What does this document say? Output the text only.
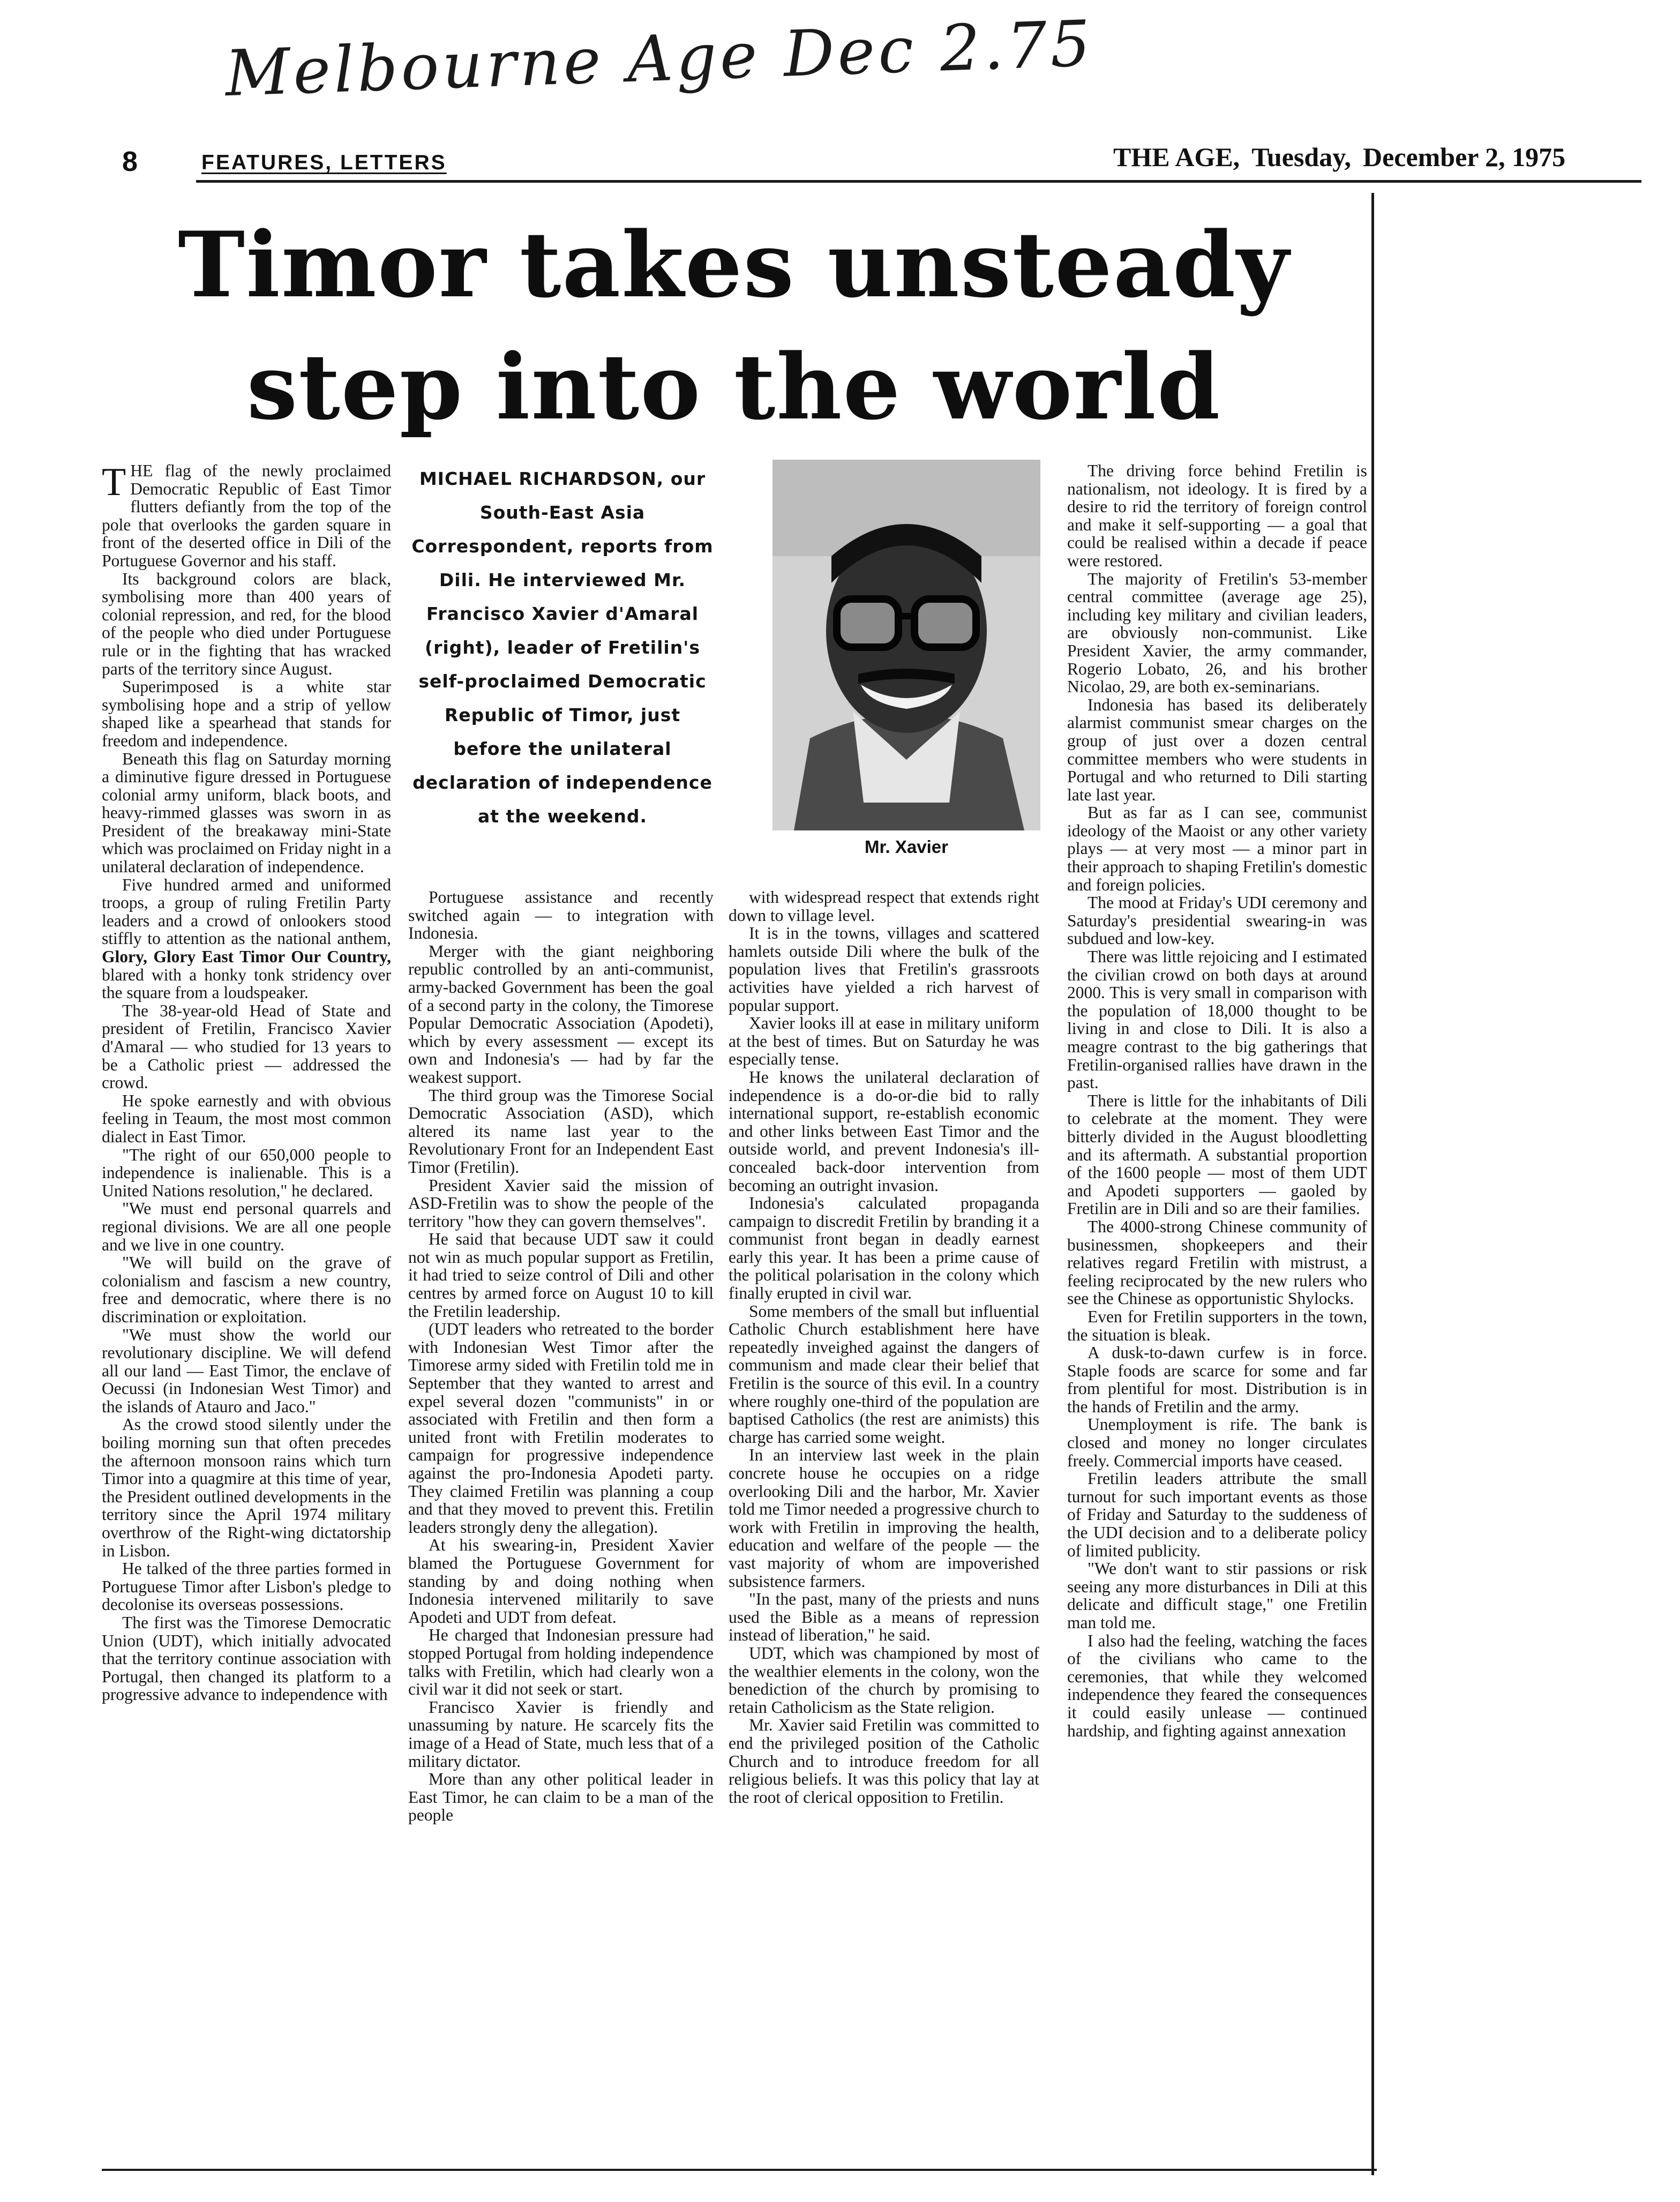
Melbourne Age Dec 2.75
8	FEATURES, LETTERS	THE AGE, Tuesday, December 2, 1975
Timor takes unsteady
step into the world

THE flag of the newly proclaimed Democratic Republic of East Timor flutters defiantly from the top of the pole that overlooks the garden square in front of the deserted office in Dili of the Portuguese Governor and his staff.

Its background colors are black, symbolising more than 400 years of colonial repression, and red, for the blood of the people who died under Portuguese rule or in the fighting that has wracked parts of the territory since August.

Superimposed is a white star symbolising hope and a strip of yellow shaped like a spearhead that stands for freedom and independence.

Beneath this flag on Saturday morning a diminutive figure dressed in Portuguese colonial army uniform, black boots, and heavy-rimmed glasses was sworn in as President of the breakaway mini-State which was proclaimed on Friday night in a unilateral declaration of independence.

Five hundred armed and uniformed troops, a group of ruling Fretilin Party leaders and a crowd of onlookers stood stiffly to attention as the national anthem, Glory, Glory East Timor Our Country, blared with a honky tonk stridency over the square from a loudspeaker.

The 38-year-old Head of State and president of Fretilin, Francisco Xavier d'Amaral — who studied for 13 years to be a Catholic priest — addressed the crowd.

He spoke earnestly and with obvious feeling in Teaum, the most most common dialect in East Timor.

"The right of our 650,000 people to independence is inalienable. This is a United Nations resolution," he declared.

"We must end personal quarrels and regional divisions. We are all one people and we live in one country.

"We will build on the grave of colonialism and fascism a new country, free and democratic, where there is no discrimination or exploitation.

"We must show the world our revolutionary discipline. We will defend all our land — East Timor, the enclave of Oecussi (in Indonesian West Timor) and the islands of Atauro and Jaco."

As the crowd stood silently under the boiling morning sun that often precedes the afternoon monsoon rains which turn Timor into a quagmire at this time of year, the President outlined developments in the territory since the April 1974 military overthrow of the Right-wing dictatorship in Lisbon.

He talked of the three parties formed in Portuguese Timor after Lisbon's pledge to decolonise its overseas possessions.

The first was the Timorese Democratic Union (UDT), which initially advocated that the territory continue association with Portugal, then changed its platform to a progressive advance to independence with

MICHAEL RICHARDSON, our South-East Asia Correspondent, reports from Dili. He interviewed Mr. Francisco Xavier d'Amaral (right), leader of Fretilin's self-proclaimed Democratic Republic of Timor, just before the unilateral declaration of independence at the weekend.
Mr. Xavier

Portuguese assistance and recently switched again — to integration with Indonesia.

Merger with the giant neighboring republic controlled by an anti-communist, army-backed Government has been the goal of a second party in the colony, the Timorese Popular Democratic Association (Apodeti), which by every assessment — except its own and Indonesia's — had by far the weakest support.

The third group was the Timorese Social Democratic Association (ASD), which altered its name last year to the Revolutionary Front for an Independent East Timor (Fretilin).

President Xavier said the mission of ASD-Fretilin was to show the people of the territory "how they can govern themselves".

He said that because UDT saw it could not win as much popular support as Fretilin, it had tried to seize control of Dili and other centres by armed force on August 10 to kill the Fretilin leadership.

(UDT leaders who retreated to the border with Indonesian West Timor after the Timorese army sided with Fretilin told me in September that they wanted to arrest and expel several dozen "communists" in or associated with Fretilin and then form a united front with Fretilin moderates to campaign for progressive independence against the pro-Indonesia Apodeti party. They claimed Fretilin was planning a coup and that they moved to prevent this. Fretilin leaders strongly deny the allegation).

At his swearing-in, President Xavier blamed the Portuguese Government for standing by and doing nothing when Indonesia intervened militarily to save Apodeti and UDT from defeat.

He charged that Indonesian pressure had stopped Portugal from holding independence talks with Fretilin, which had clearly won a civil war it did not seek or start.

Francisco Xavier is friendly and unassuming by nature. He scarcely fits the image of a Head of State, much less that of a military dictator.

More than any other political leader in East Timor, he can claim to be a man of the people

with widespread respect that extends right down to village level.

It is in the towns, villages and scattered hamlets outside Dili where the bulk of the population lives that Fretilin's grassroots activities have yielded a rich harvest of popular support.

Xavier looks ill at ease in military uniform at the best of times. But on Saturday he was especially tense.

He knows the unilateral declaration of independence is a do-or-die bid to rally international support, re-establish economic and other links between East Timor and the outside world, and prevent Indonesia's ill-concealed back-door intervention from becoming an outright invasion.

Indonesia's calculated propaganda campaign to discredit Fretilin by branding it a communist front began in deadly earnest early this year. It has been a prime cause of the political polarisation in the colony which finally erupted in civil war.

Some members of the small but influential Catholic Church establishment here have repeatedly inveighed against the dangers of communism and made clear their belief that Fretilin is the source of this evil. In a country where roughly one-third of the population are baptised Catholics (the rest are animists) this charge has carried some weight.

In an interview last week in the plain concrete house he occupies on a ridge overlooking Dili and the harbor, Mr. Xavier told me Timor needed a progressive church to work with Fretilin in improving the health, education and welfare of the people — the vast majority of whom are impoverished subsistence farmers.

"In the past, many of the priests and nuns used the Bible as a means of repression instead of liberation," he said.

UDT, which was championed by most of the wealthier elements in the colony, won the benediction of the church by promising to retain Catholicism as the State religion.

Mr. Xavier said Fretilin was committed to end the privileged position of the Catholic Church and to introduce freedom for all religious beliefs. It was this policy that lay at the root of clerical opposition to Fretilin.

The driving force behind Fretilin is nationalism, not ideology. It is fired by a desire to rid the territory of foreign control and make it self-supporting — a goal that could be realised within a decade if peace were restored.

The majority of Fretilin's 53-member central committee (average age 25), including key military and civilian leaders, are obviously non-communist. Like President Xavier, the army commander, Rogerio Lobato, 26, and his brother Nicolao, 29, are both ex-seminarians.

Indonesia has based its deliberately alarmist communist smear charges on the group of just over a dozen central committee members who were students in Portugal and who returned to Dili starting late last year.

But as far as I can see, communist ideology of the Maoist or any other variety plays — at very most — a minor part in their approach to shaping Fretilin's domestic and foreign policies.

The mood at Friday's UDI ceremony and Saturday's presidential swearing-in was subdued and low-key.

There was little rejoicing and I estimated the civilian crowd on both days at around 2000. This is very small in comparison with the population of 18,000 thought to be living in and close to Dili. It is also a meagre contrast to the big gatherings that Fretilin-organised rallies have drawn in the past.

There is little for the inhabitants of Dili to celebrate at the moment. They were bitterly divided in the August bloodletting and its aftermath. A substantial proportion of the 1600 people — most of them UDT and Apodeti supporters — gaoled by Fretilin are in Dili and so are their families.

The 4000-strong Chinese community of businessmen, shopkeepers and their relatives regard Fretilin with mistrust, a feeling reciprocated by the new rulers who see the Chinese as opportunistic Shylocks.

Even for Fretilin supporters in the town, the situation is bleak.

A dusk-to-dawn curfew is in force. Staple foods are scarce for some and far from plentiful for most. Distribution is in the hands of Fretilin and the army.

Unemployment is rife. The bank is closed and money no longer circulates freely. Commercial imports have ceased.

Fretilin leaders attribute the small turnout for such important events as those of Friday and Saturday to the suddeness of the UDI decision and to a deliberate policy of limited publicity.

"We don't want to stir passions or risk seeing any more disturbances in Dili at this delicate and difficult stage," one Fretilin man told me.

I also had the feeling, watching the faces of the civilians who came to the ceremonies, that while they welcomed independence they feared the consequences it could easily unlease — continued hardship, and fighting against annexation
